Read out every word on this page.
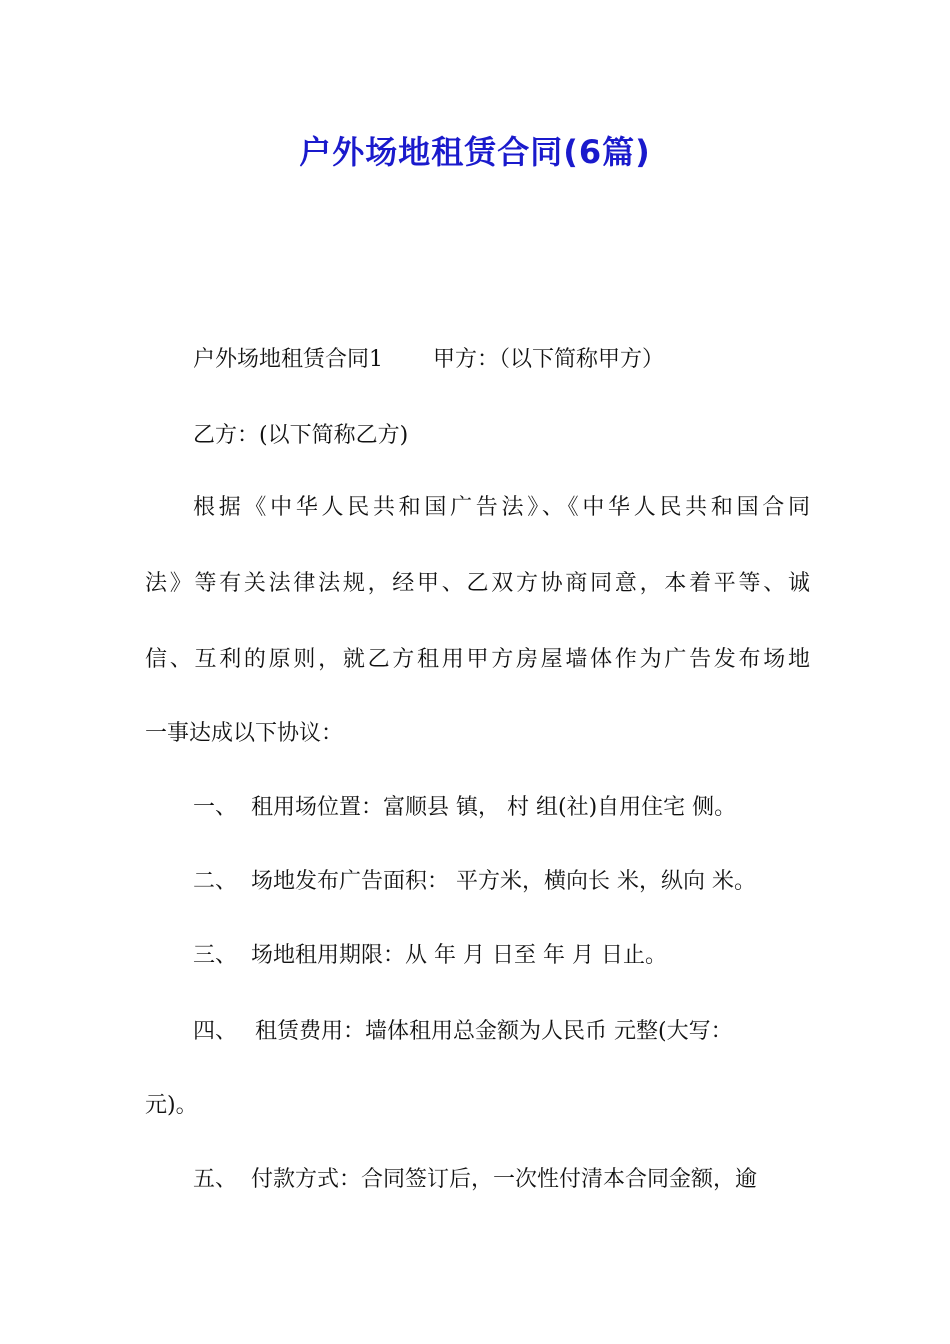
户外场地租赁合同(6篇)

户外场地租赁合同1 甲方：（以下简称甲方）

乙方：(以下简称乙方)

根据《中华人民共和国广告法》、《中华人民共和国合同

法》等有关法律法规，经甲、乙双方协商同意，本着平等、诚

信、互利的原则，就乙方租用甲方房屋墙体作为广告发布场地

一事达成以下协议：

一、 租用场位置：富顺县 镇， 村 组(社)自用住宅 侧。

二、 场地发布广告面积： 平方米，横向长 米，纵向 米。

三、 场地租用期限：从 年 月 日至 年 月 日止。

四、 租赁费用：墙体租用总金额为人民币 元整(大写：

元)。

五、 付款方式：合同签订后，一次性付清本合同金额，逾
